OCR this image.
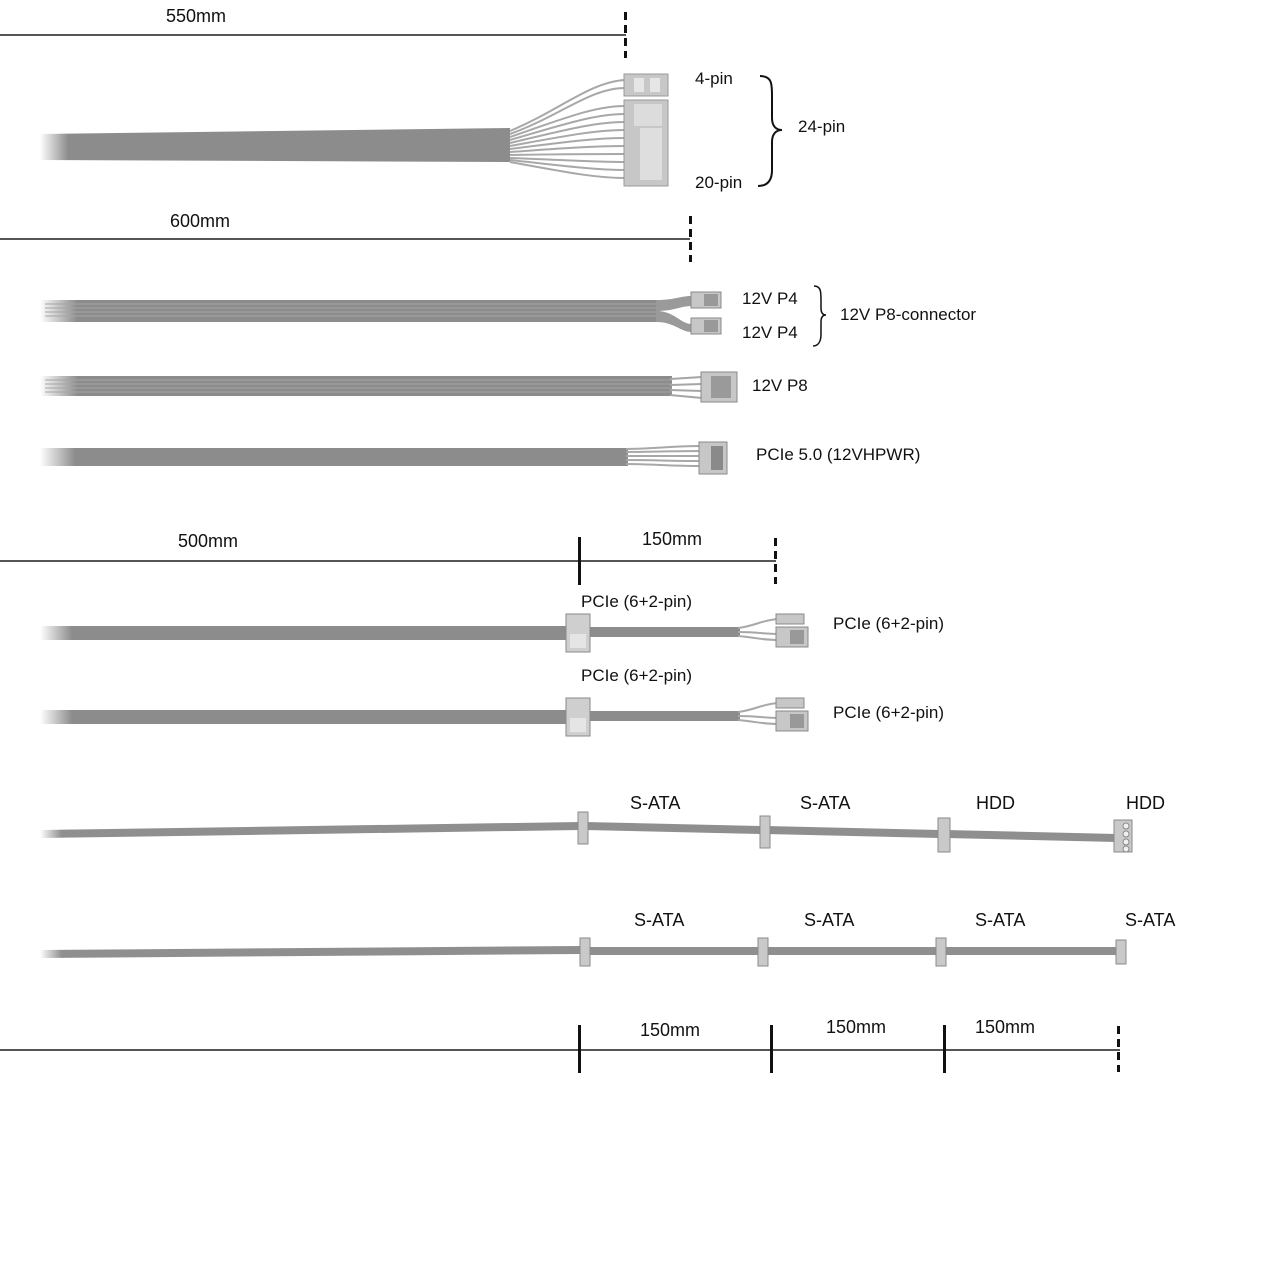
550mm
600mm
500mm	150mm
150mm	150mm	150mm
4-pin
20-pin
24-pin
12V P4
12V P4
12V P8-connector
12V P8
PCIe 5.0 (12VHPWR)
PCIe (6+2-pin)
PCIe (6+2-pin)
PCIe (6+2-pin)
PCIe (6+2-pin)
S-ATA	S-ATA	HDD	HDD
S-ATA	S-ATA	S-ATA	S-ATA
